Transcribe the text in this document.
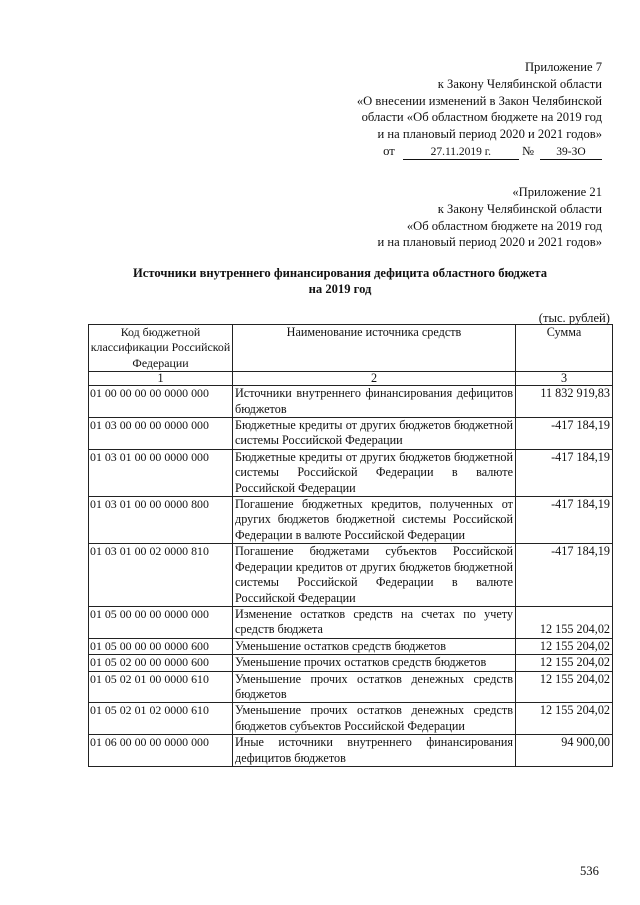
Приложение 7
к Закону Челябинской области
«О внесении изменений в Закон Челябинской
области «Об областном бюджете на 2019 год
и на плановый период 2020 и 2021 годов»
от	27.11.2019 г. № 39-ЗО
«Приложение 21
к Закону Челябинской области
«Об областном бюджете на 2019 год
и на плановый период 2020 и 2021 годов»
Источники внутреннего финансирования дефицита областного бюджета
на 2019 год
(тыс. рублей)
Код бюджетной классификации Российской Федерации	Наименование источника средств	Сумма
1	2	3
01 00 00 00 00 0000 000	Источники внутреннего финансирования дефицитов бюджетов	11 832 919,83
01 03 00 00 00 0000 000	Бюджетные кредиты от других бюджетов бюджетной системы Российской Федерации	-417 184,19
01 03 01 00 00 0000 000	Бюджетные кредиты от других бюджетов бюджетной системы Российской Федерации в валюте Российской Федерации	-417 184,19
01 03 01 00 00 0000 800	Погашение бюджетных кредитов, полученных от других бюджетов бюджетной системы Российской Федерации в валюте Российской Федерации	-417 184,19
01 03 01 00 02 0000 810	Погашение бюджетами субъектов Российской Федерации кредитов от других бюджетов бюджетной системы Российской Федерации в валюте Российской Федерации	-417 184,19
01 05 00 00 00 0000 000	Изменение остатков средств на счетах по учету средств бюджета	12 155 204,02
01 05 00 00 00 0000 600	Уменьшение остатков средств бюджетов	12 155 204,02
01 05 02 00 00 0000 600	Уменьшение прочих остатков средств бюджетов	12 155 204,02
01 05 02 01 00 0000 610	Уменьшение прочих остатков денежных средств бюджетов	12 155 204,02
01 05 02 01 02 0000 610	Уменьшение прочих остатков денежных средств бюджетов субъектов Российской Федерации	12 155 204,02
01 06 00 00 00 0000 000	Иные источники внутреннего финансирования дефицитов бюджетов	94 900,00
536
